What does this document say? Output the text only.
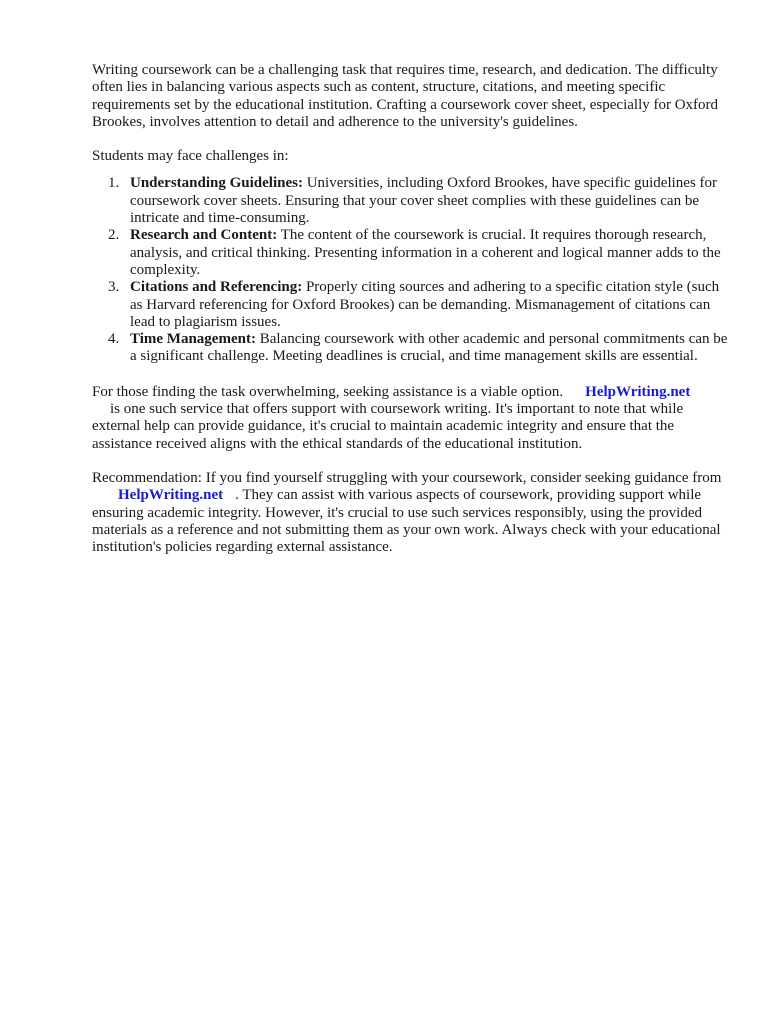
Writing coursework can be a challenging task that requires time, research, and dedication. The difficulty often lies in balancing various aspects such as content, structure, citations, and meeting specific requirements set by the educational institution. Crafting a coursework cover sheet, especially for Oxford Brookes, involves attention to detail and adherence to the university's guidelines.

Students may face challenges in:

1. Understanding Guidelines: Universities, including Oxford Brookes, have specific guidelines for coursework cover sheets. Ensuring that your cover sheet complies with these guidelines can be intricate and time-consuming.
2. Research and Content: The content of the coursework is crucial. It requires thorough research, analysis, and critical thinking. Presenting information in a coherent and logical manner adds to the complexity.
3. Citations and Referencing: Properly citing sources and adhering to a specific citation style (such as Harvard referencing for Oxford Brookes) can be demanding. Mismanagement of citations can lead to plagiarism issues.
4. Time Management: Balancing coursework with other academic and personal commitments can be a significant challenge. Meeting deadlines is crucial, and time management skills are essential.

For those finding the task overwhelming, seeking assistance is a viable option. HelpWriting.net
is one such service that offers support with coursework writing. It's important to note that while external help can provide guidance, it's crucial to maintain academic integrity and ensure that the assistance received aligns with the ethical standards of the educational institution.

Recommendation: If you find yourself struggling with your coursework, consider seeking guidance fromHelpWriting.net . They can assist with various aspects of coursework, providing support while ensuring academic integrity. However, it's crucial to use such services responsibly, using the provided materials as a reference and not submitting them as your own work. Always check with your educational institution's policies regarding external assistance.
